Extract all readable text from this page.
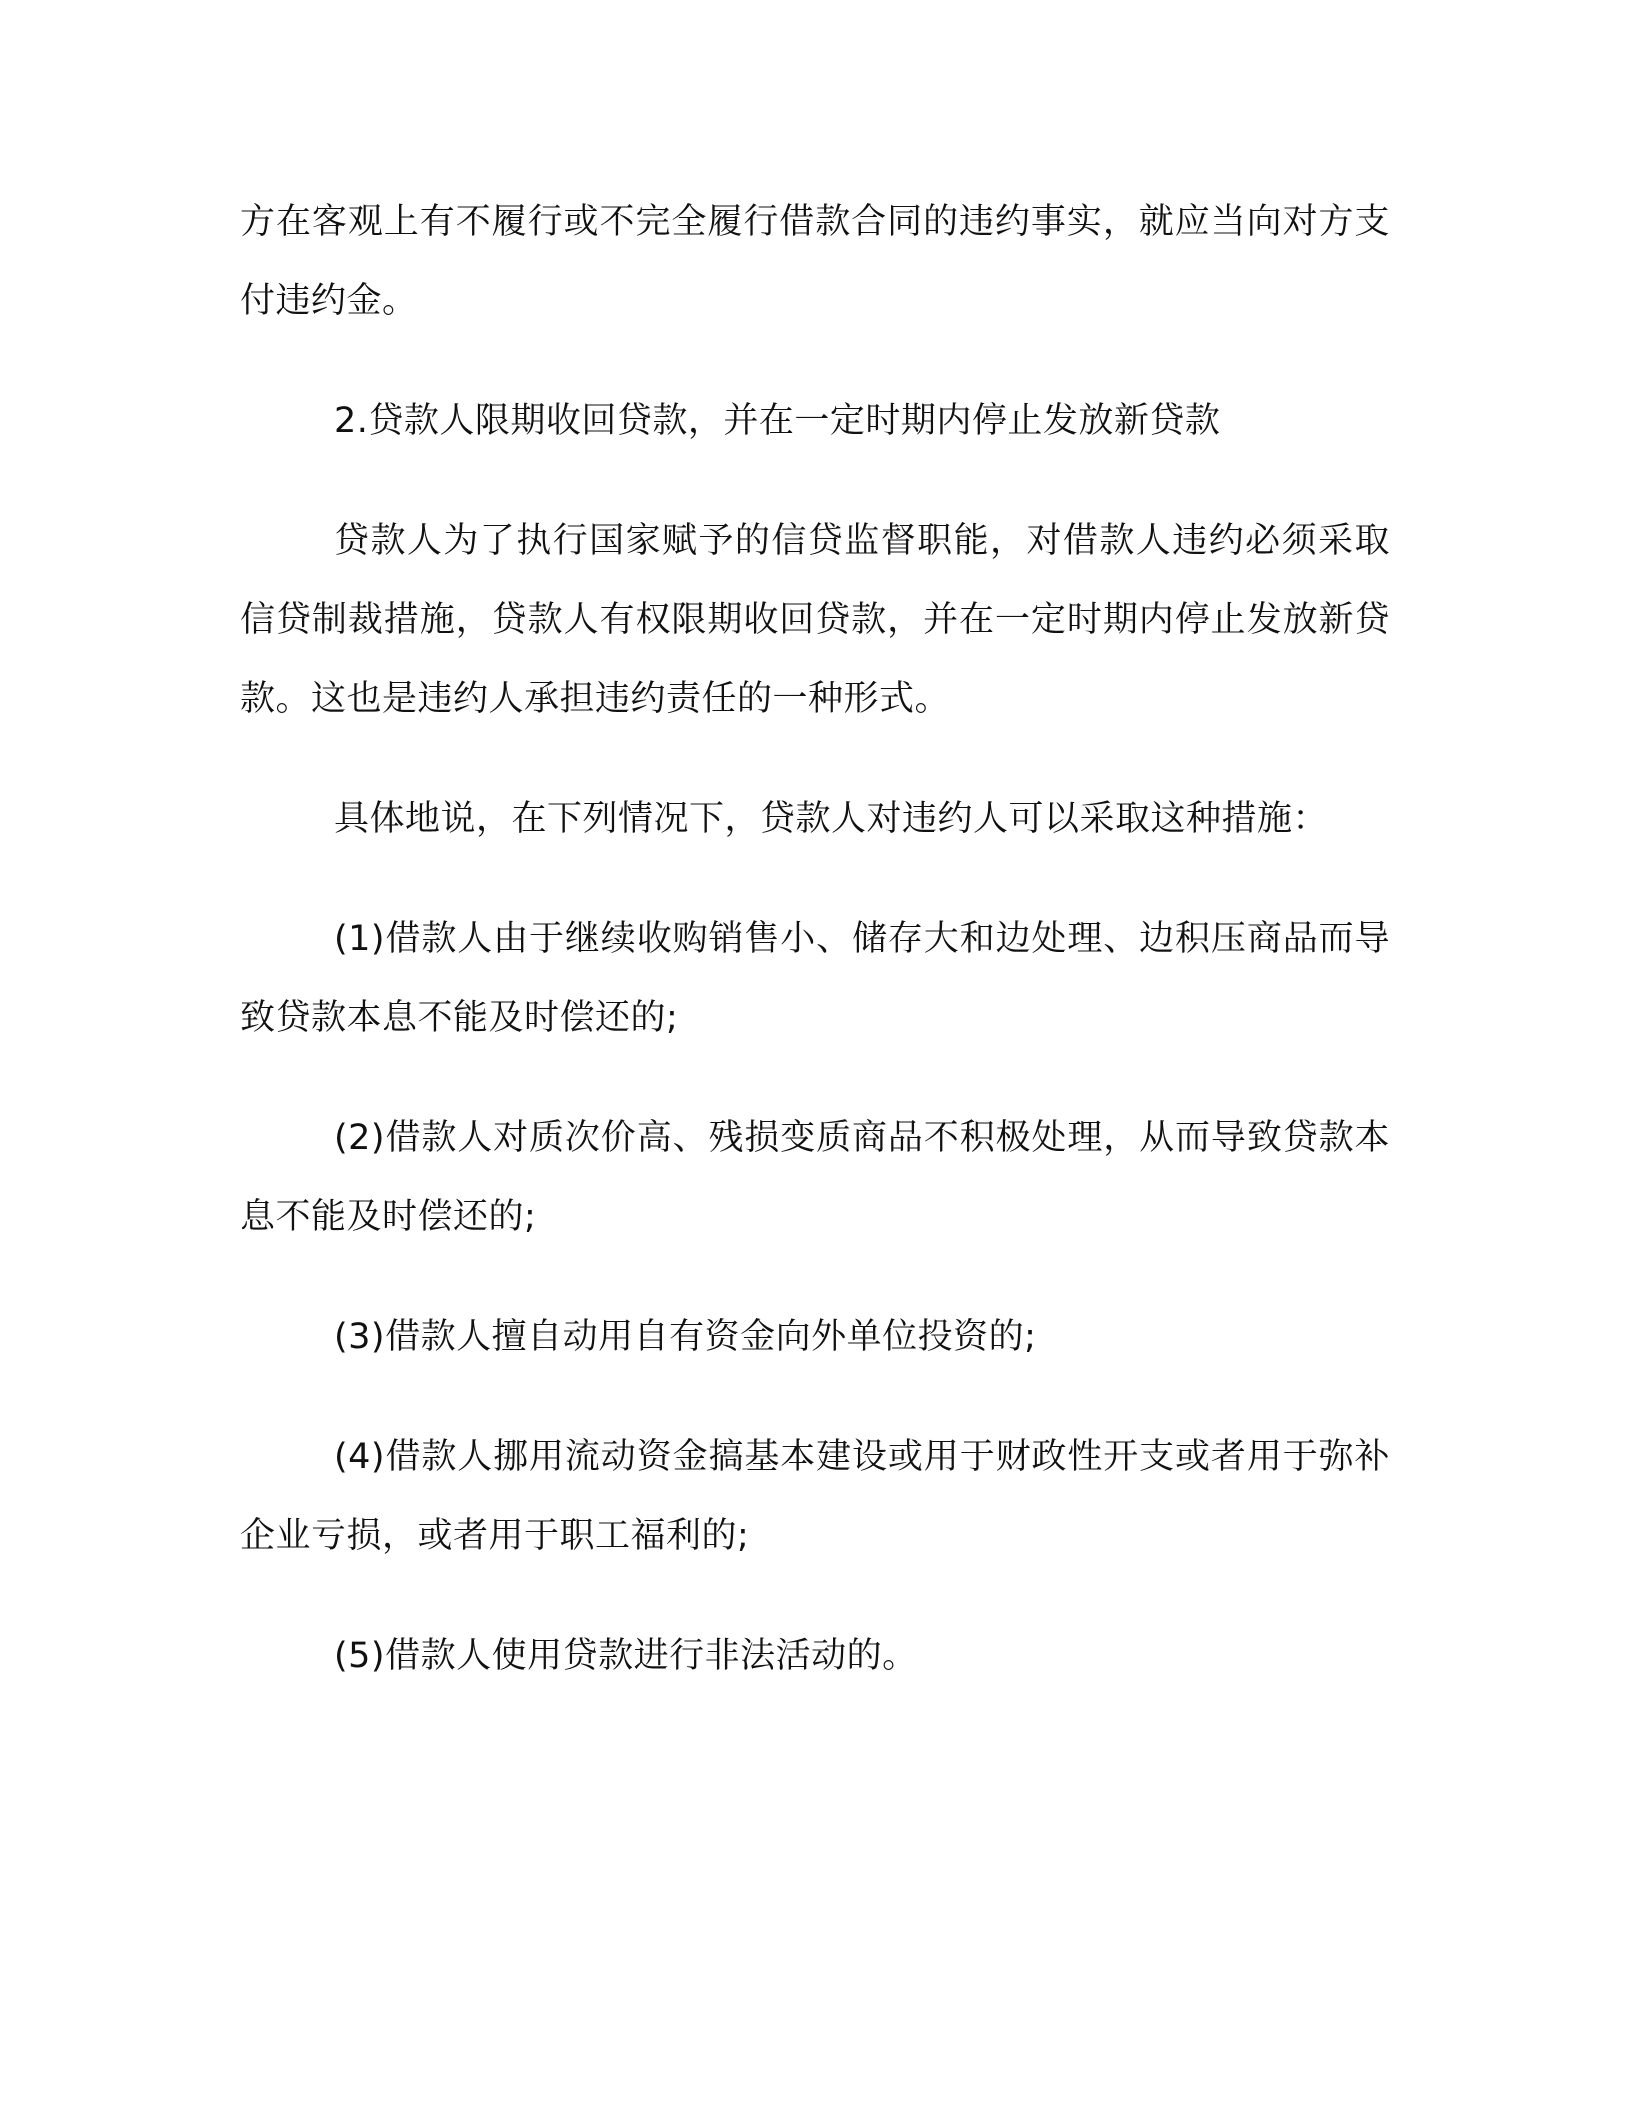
方在客观上有不履行或不完全履行借款合同的违约事实，就应当向对方支付违约金。

2.贷款人限期收回贷款，并在一定时期内停止发放新贷款

贷款人为了执行国家赋予的信贷监督职能，对借款人违约必须采取信贷制裁措施，贷款人有权限期收回贷款，并在一定时期内停止发放新贷款。这也是违约人承担违约责任的一种形式。

具体地说，在下列情况下，贷款人对违约人可以采取这种措施：

(1)借款人由于继续收购销售小、储存大和边处理、边积压商品而导致贷款本息不能及时偿还的;

(2)借款人对质次价高、残损变质商品不积极处理，从而导致贷款本息不能及时偿还的;

(3)借款人擅自动用自有资金向外单位投资的;

(4)借款人挪用流动资金搞基本建设或用于财政性开支或者用于弥补企业亏损，或者用于职工福利的;

(5)借款人使用贷款进行非法活动的。
